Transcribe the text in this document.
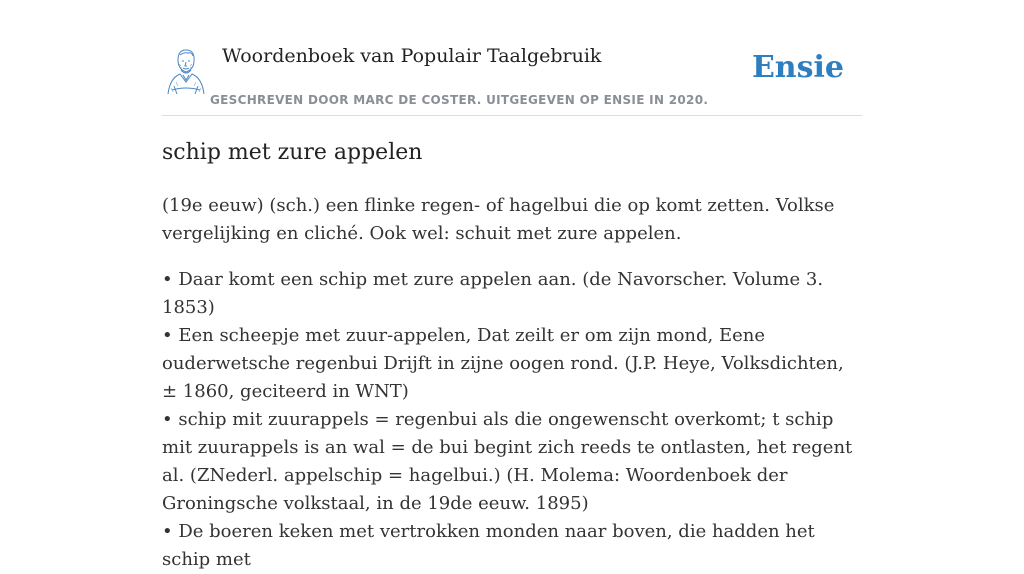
Woordenboek van Populair Taalgebruik
GESCHREVEN DOOR MARC DE COSTER. UITGEGEVEN OP ENSIE IN 2020.
Ensie
schip met zure appelen

(19e eeuw) (sch.) een flinke regen- of hagelbui die op komt zetten. Volkse vergelijking en cliché. Ook wel: schuit met zure appelen.

• Daar komt een schip met zure appelen aan. (de Navorscher. Volume 3. 1853)

• Een scheepje met zuur-appelen, Dat zeilt er om zijn mond, Eene ouderwetsche regenbui Drijft in zijne oogen rond. (J.P. Heye, Volksdichten, ± 1860, geciteerd in WNT)

• schip mit zuurappels = regenbui als die ongewenscht overkomt; t schip mit zuurappels is an wal = de bui begint zich reeds te ontlasten, het regent al. (ZNederl. appelschip = hagelbui.) (H. Molema: Woordenboek der Groningsche volkstaal, in de 19de eeuw. 1895)

• De boeren keken met vertrokken monden naar boven, die hadden het schip met
